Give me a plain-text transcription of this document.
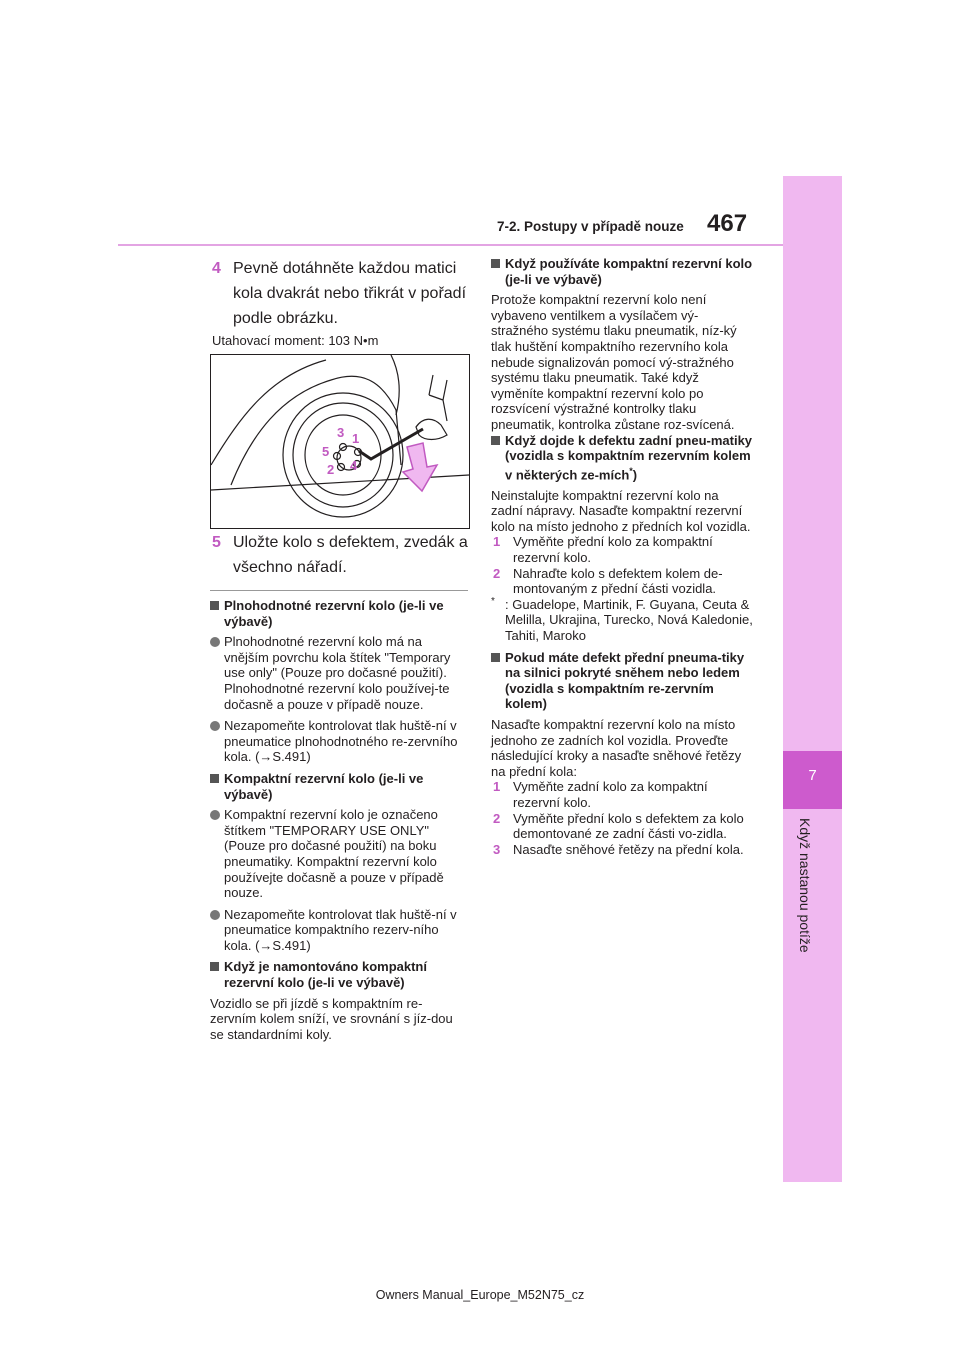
7
Když nastanou potíže
7-2. Postupy v případě nouze 467
4 Pevně dotáhněte každou matici kola dvakrát nebo třikrát v pořadí podle obrázku.
Utahovací moment: 103 N•m
3 1
5
4
2
5 Uložte kolo s defektem, zvedák a všechno nářadí.
Plnohodnotné rezervní kolo (je-li ve výbavě)
Plnohodnotné rezervní kolo má na vnějším povrchu kola štítek "Temporary use only" (Pouze pro dočasné použití). Plnohodnotné rezervní kolo používej-te dočasně a pouze v případě nouze.
Nezapomeňte kontrolovat tlak huště-ní v pneumatice plnohodnotného re-zervního kola. (→S.491)
Kompaktní rezervní kolo (je-li ve výbavě)
Kompaktní rezervní kolo je označeno štítkem "TEMPORARY USE ONLY" (Pouze pro dočasné použití) na boku pneumatiky. Kompaktní rezervní kolo používejte dočasně a pouze v případě nouze.
Nezapomeňte kontrolovat tlak huště-ní v pneumatice kompaktního rezerv-ního kola. (→S.491)
Když je namontováno kompaktní rezervní kolo (je-li ve výbavě)

Vozidlo se při jízdě s kompaktním re-zervním kolem sníží, ve srovnání s jíz-dou se standardními koly.

Když používáte kompaktní rezervní kolo (je-li ve výbavě)

Protože kompaktní rezervní kolo není vybaveno ventilkem a vysílačem vý-stražného systému tlaku pneumatik, níz-ký tlak huštění kompaktního rezervního kola nebude signalizován pomocí vý-stražného systému tlaku pneumatik. Také když vyměníte kompaktní rezervní kolo po rozsvícení výstražné kontrolky tlaku pneumatik, kontrolka zůstane roz-svícená.

Když dojde k defektu zadní pneu-matiky (vozidla s kompaktním rezervním kolem v některých ze-mích*)

Neinstalujte kompaktní rezervní kolo na zadní nápravy. Nasaďte kompaktní rezervní kolo na místo jednoho z předních kol vozidla.

1 Vyměňte přední kolo za kompaktní rezervní kolo.
2 Nahraďte kolo s defektem kolem de-montovaným z přední části vozidla.
* : Guadelope, Martinik, F. Guyana, Ceuta & Melilla, Ukrajina, Turecko, Nová Kaledonie, Tahiti, Maroko
Pokud máte defekt přední pneuma-tiky na silnici pokryté sněhem nebo ledem (vozidla s kompaktním re-zervním kolem)

Nasaďte kompaktní rezervní kolo na místo jednoho ze zadních kol vozidla. Proveďte následující kroky a nasaďte sněhové řetězy na přední kola:

1 Vyměňte zadní kolo za kompaktní rezervní kolo.
2 Vyměňte přední kolo s defektem za kolo demontované ze zadní části vo-zidla.
3 Nasaďte sněhové řetězy na přední kola.
Owners Manual_Europe_M52N75_cz
